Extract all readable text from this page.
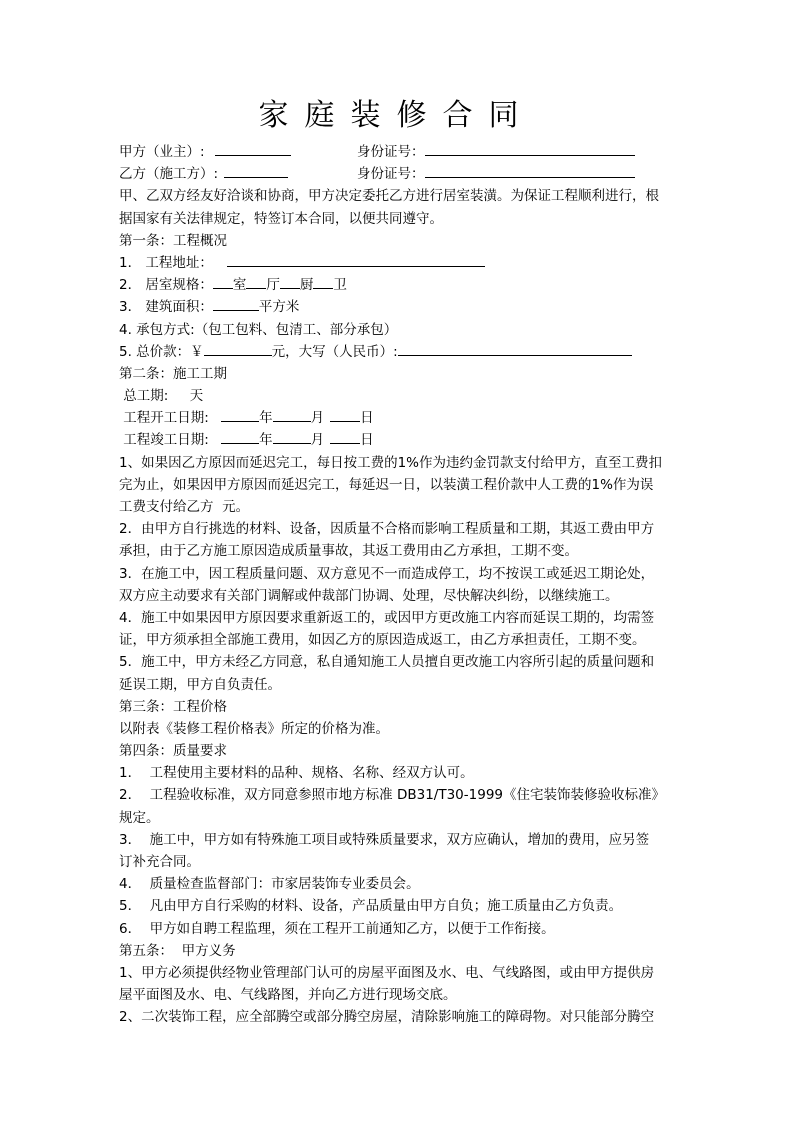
家庭装修合同
甲方（业主）:	身份证号：
乙方（施工方）:	身份证号：
甲、乙双方经友好洽谈和协商，甲方决定委托乙方进行居室装潢。为保证工程顺利进行，根
据国家有关法律规定，特签订本合同，以便共同遵守。
第一条：工程概况
1． 工程地址：
2． 居室规格： 室 厅 厨 卫
3． 建筑面积：	平方米
4. 承包方式:（包工包料、包清工、部分承包）
5. 总价款：￥	元，大写（人民币）:
第二条：施工工期
总工期:     天
工程开工日期:	年	月	日
工程竣工日期:	年	月	日
1、如果因乙方原因而延迟完工，每日按工费的1%作为违约金罚款支付给甲方，直至工费扣
完为止，如果因甲方原因而延迟完工，每延迟一日，以装潢工程价款中人工费的1%作为误
工费支付给乙方  元。
2．由甲方自行挑选的材料、设备，因质量不合格而影响工程质量和工期，其返工费由甲方
承担，由于乙方施工原因造成质量事故，其返工费用由乙方承担，工期不变。
3．在施工中，因工程质量问题、双方意见不一而造成停工，均不按误工或延迟工期论处，
双方应主动要求有关部门调解或仲裁部门协调、处理，尽快解决纠纷，以继续施工。
4．施工中如果因甲方原因要求重新返工的，或因甲方更改施工内容而延误工期的，均需签
证，甲方须承担全部施工费用，如因乙方的原因造成返工，由乙方承担责任，工期不变。
5．施工中，甲方未经乙方同意，私自通知施工人员擅自更改施工内容所引起的质量问题和
延误工期，甲方自负责任。
第三条：工程价格
以附表《装修工程价格表》所定的价格为准。
第四条：质量要求
1．  工程使用主要材料的品种、规格、名称、经双方认可。
2．  工程验收标准，双方同意参照市地方标准 DB31/T30-1999《住宅装饰装修验收标准》
规定。
3．  施工中，甲方如有特殊施工项目或特殊质量要求，双方应确认，增加的费用，应另签
订补充合同。
4．  质量检查监督部门：市家居装饰专业委员会。
5．  凡由甲方自行采购的材料、设备，产品质量由甲方自负；施工质量由乙方负责。
6．  甲方如自聘工程监理，须在工程开工前通知乙方，以便于工作衔接。
第五条：  甲方义务
1、甲方必须提供经物业管理部门认可的房屋平面图及水、电、气线路图，或由甲方提供房
屋平面图及水、电、气线路图，并向乙方进行现场交底。
2、二次装饰工程，应全部腾空或部分腾空房屋，清除影响施工的障碍物。对只能部分腾空
